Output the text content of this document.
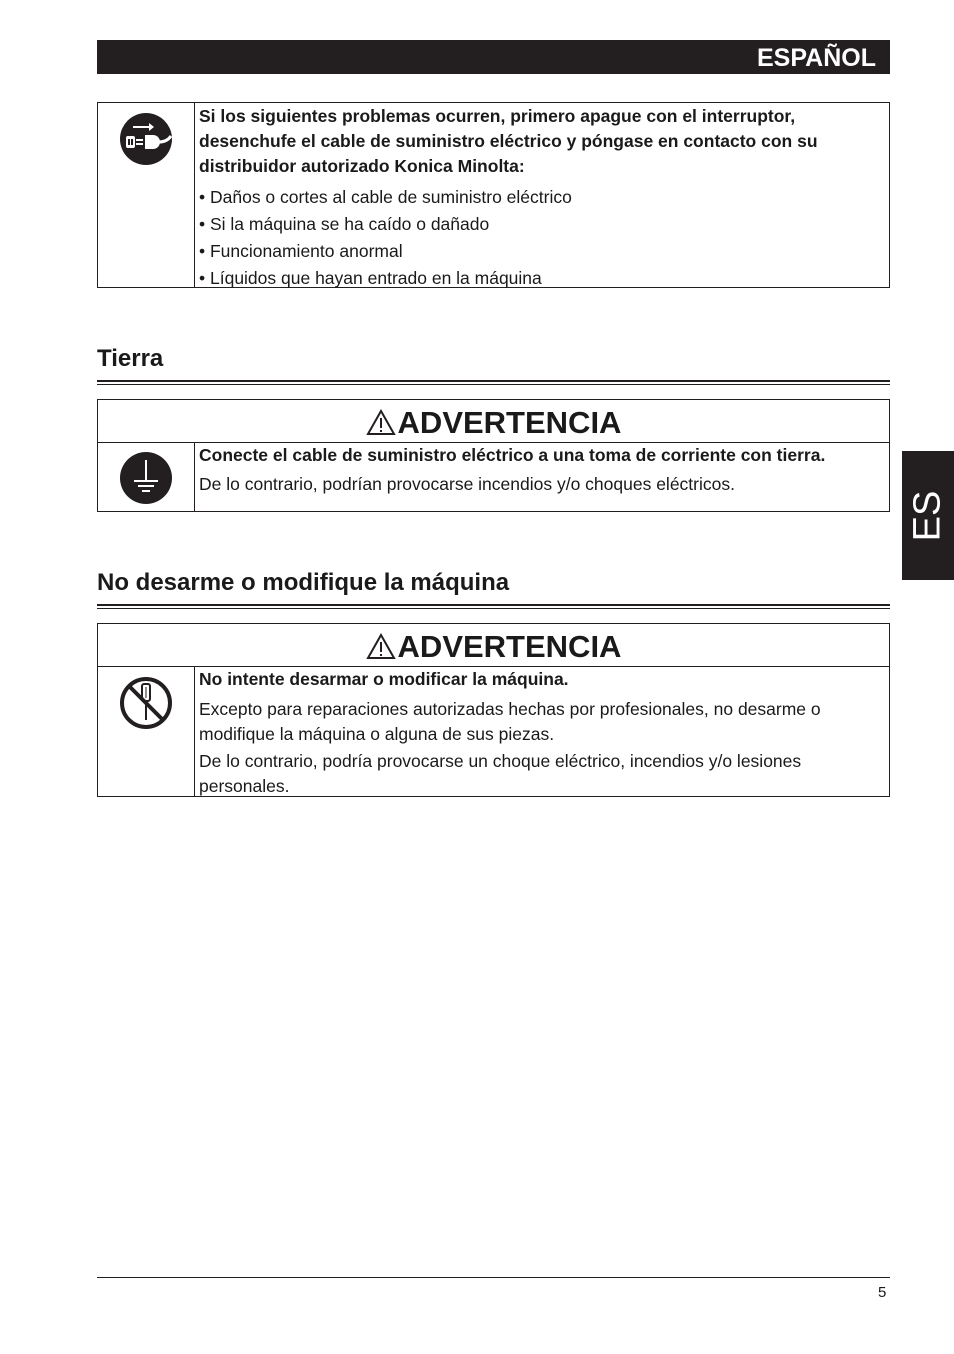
ESPAÑOL
ES
Si los siguientes problemas ocurren, primero apague con el interruptor, desenchufe el cable de suministro eléctrico y póngase en contacto con su distribuidor autorizado Konica Minolta:
• Daños o cortes al cable de suministro eléctrico
• Si la máquina se ha caído o dañado
• Funcionamiento anormal
• Líquidos que hayan entrado en la máquina
Tierra
ADVERTENCIA
Conecte el cable de suministro eléctrico a una toma de corriente con tierra.
De lo contrario, podrían provocarse incendios y/o choques eléctricos.
No desarme o modifique la máquina
ADVERTENCIA
No intente desarmar o modificar la máquina.
Excepto para reparaciones autorizadas hechas por profesionales, no desarme o modifique la máquina o alguna de sus piezas.
De lo contrario, podría provocarse un choque eléctrico, incendios y/o lesiones personales.
5
